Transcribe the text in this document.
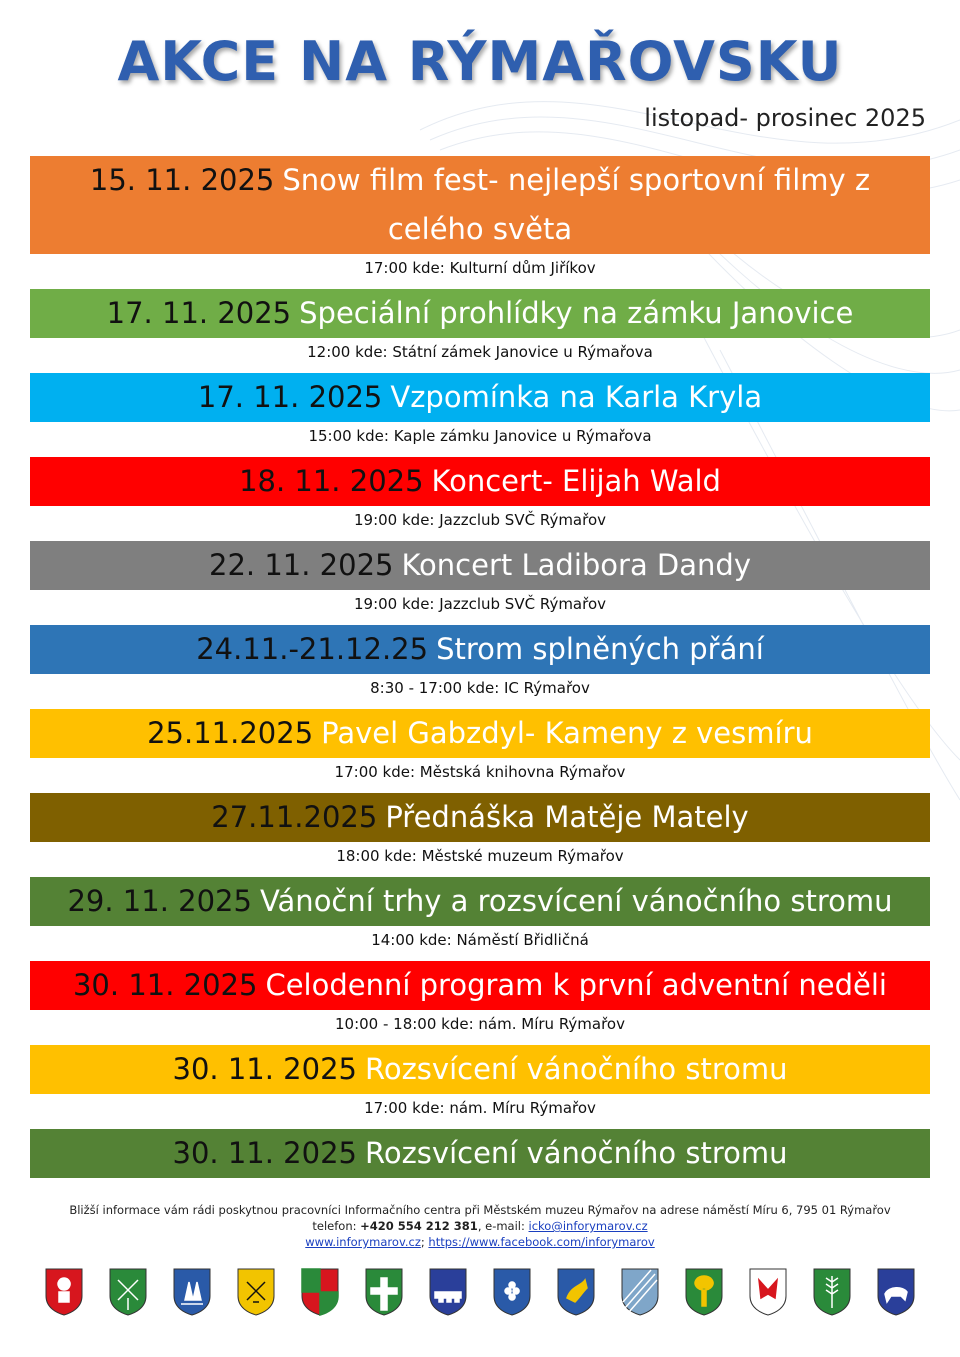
AKCE NA RÝMAŘOVSKU
listopad- prosinec 2025
15. 11. 2025 Snow film fest- nejlepší sportovní filmy z
celého světa
17:00 kde: Kulturní dům Jiříkov
17. 11. 2025 Speciální prohlídky na zámku Janovice
12:00 kde: Státní zámek Janovice u Rýmařova
17. 11. 2025 Vzpomínka na Karla Kryla
15:00 kde: Kaple zámku Janovice u Rýmařova
18. 11. 2025 Koncert- Elijah Wald
19:00 kde: Jazzclub SVČ Rýmařov
22. 11. 2025 Koncert Ladibora Dandy
19:00 kde: Jazzclub SVČ Rýmařov
24.11.-21.12.25 Strom splněných přání
8:30 - 17:00 kde: IC Rýmařov
25.11.2025 Pavel Gabzdyl- Kameny z vesmíru
17:00 kde: Městská knihovna Rýmařov
27.11.2025 Přednáška Matěje Mately
18:00 kde: Městské muzeum Rýmařov
29. 11. 2025 Vánoční trhy a rozsvícení vánočního stromu
14:00 kde: Náměstí Břidličná
30. 11. 2025 Celodenní program k první adventní neděli
10:00 - 18:00 kde: nám. Míru Rýmařov
30. 11. 2025 Rozsvícení vánočního stromu
17:00 kde: nám. Míru Rýmařov
30. 11. 2025 Rozsvícení vánočního stromu
Bližší informace vám rádi poskytnou pracovníci Informačního centra při Městském muzeu Rýmařov na adrese náměstí Míru 6, 795 01 Rýmařov
telefon: +420 554 212 381, e-mail: icko@inforymarov.cz
www.inforymarov.cz; https://www.facebook.com/inforymarov
